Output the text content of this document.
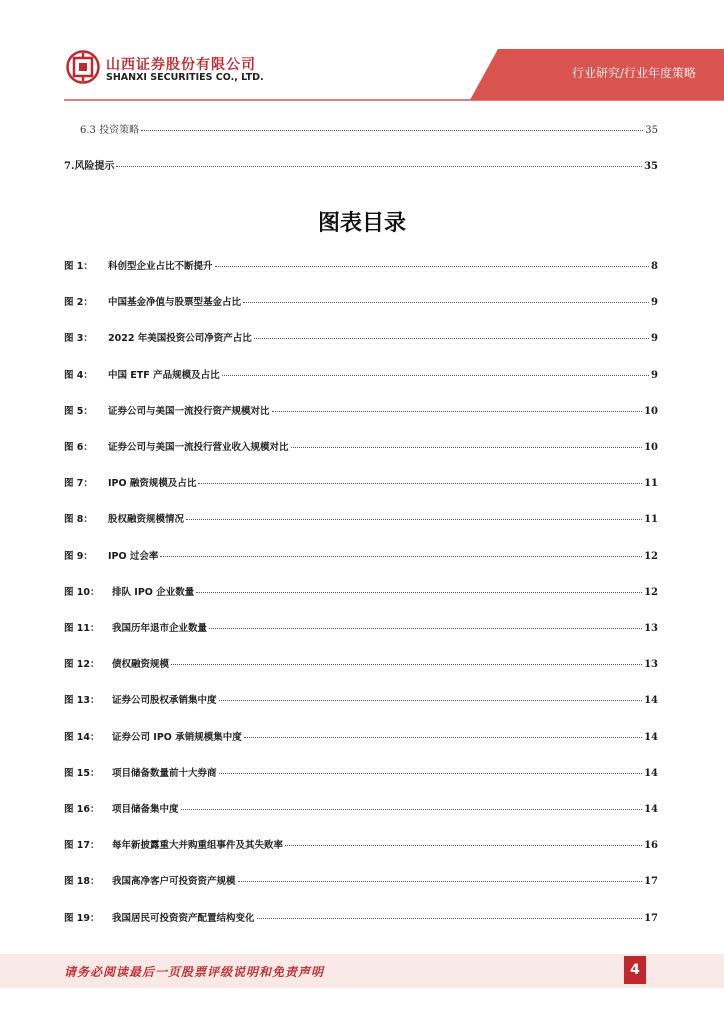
山西证券股份有限公司
SHANXI SECURITIES CO., LTD.	行业研究/行业年度策略
6.3 投资策略	35
7.风险提示	35
图表目录
图 1： 科创型企业占比不断提升	8
图 2： 中国基金净值与股票型基金占比	9
图 3： 2022 年美国投资公司净资产占比	9
图 4： 中国 ETF 产品规模及占比	9
图 5： 证券公司与美国一流投行资产规模对比	10
图 6： 证券公司与美国一流投行营业收入规模对比	10
图 7： IPO 融资规模及占比	11
图 8： 股权融资规模情况	11
图 9： IPO 过会率	12
图 10： 排队 IPO 企业数量	12
图 11： 我国历年退市企业数量	13
图 12： 债权融资规模	13
图 13： 证券公司股权承销集中度	14
图 14： 证券公司 IPO 承销规模集中度	14
图 15： 项目储备数量前十大券商	14
图 16： 项目储备集中度	14
图 17： 每年新披露重大并购重组事件及其失败率	16
图 18： 我国高净客户可投资资产规模	17
图 19： 我国居民可投资资产配置结构变化	17
请务必阅读最后一页股票评级说明和免责声明	4
